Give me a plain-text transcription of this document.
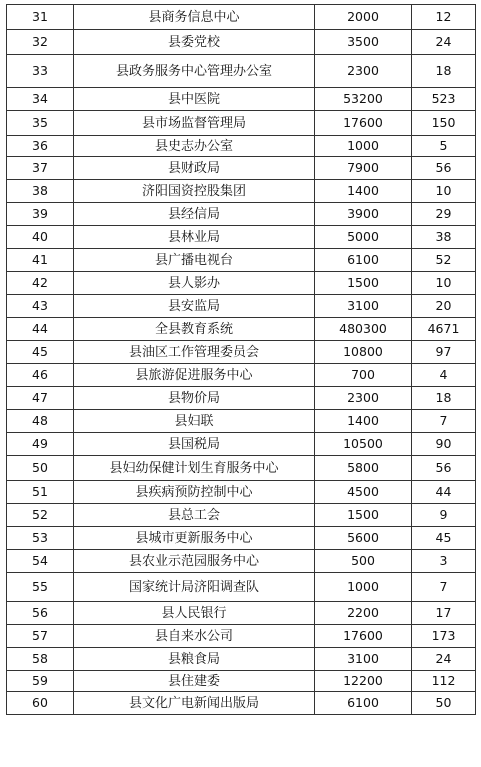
31	县商务信息中心	2000	12
32	县委党校	3500	24
33	县政务服务中心管理办公室	2300	18
34	县中医院	53200	523
35	县市场监督管理局	17600	150
36	县史志办公室	1000	5
37	县财政局	7900	56
38	济阳国资控股集团	1400	10
39	县经信局	3900	29
40	县林业局	5000	38
41	县广播电视台	6100	52
42	县人影办	1500	10
43	县安监局	3100	20
44	全县教育系统	480300	4671
45	县油区工作管理委员会	10800	97
46	县旅游促进服务中心	700	4
47	县物价局	2300	18
48	县妇联	1400	7
49	县国税局	10500	90
50	县妇幼保健计划生育服务中心	5800	56
51	县疾病预防控制中心	4500	44
52	县总工会	1500	9
53	县城市更新服务中心	5600	45
54	县农业示范园服务中心	500	3
55	国家统计局济阳调查队	1000	7
56	县人民银行	2200	17
57	县自来水公司	17600	173
58	县粮食局	3100	24
59	县住建委	12200	112
60	县文化广电新闻出版局	6100	50
